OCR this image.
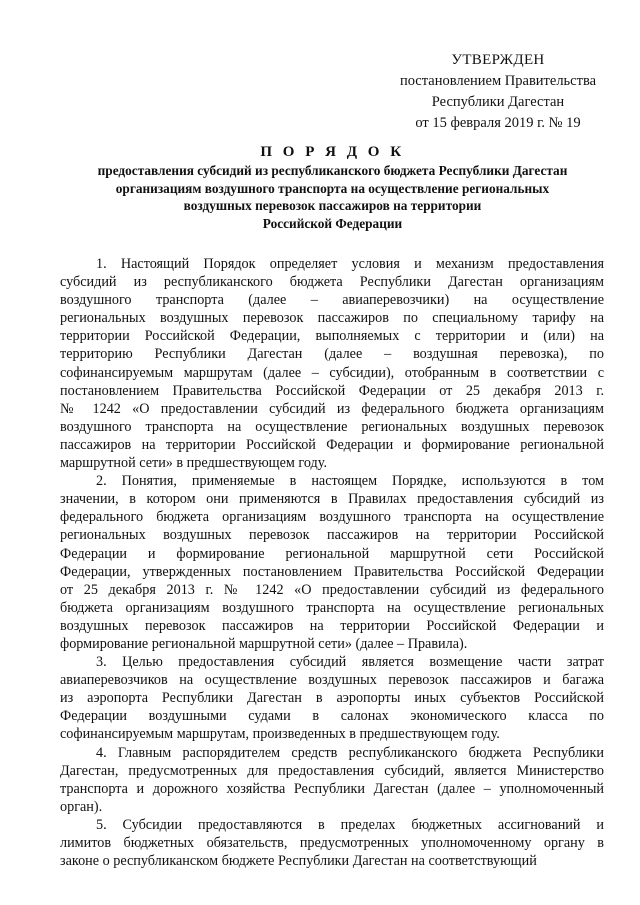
УТВЕРЖДЕН
постановлением Правительства
Республики Дагестан
от 15 февраля 2019 г. № 19
П О Р Я Д О К
предоставления субсидий из республиканского бюджета Республики Дагестан
организациям воздушного транспорта на осуществление региональных
воздушных перевозок пассажиров на территории
Российской Федерации
1. Настоящий Порядок определяет условия и механизм предоставления
субсидий из республиканского бюджета Республики Дагестан организациям
воздушного транспорта (далее – авиаперевозчики) на осуществление
региональных воздушных перевозок пассажиров по специальному тарифу на
территории Российской Федерации, выполняемых с территории и (или) на
территорию Республики Дагестан (далее – воздушная перевозка), по
софинансируемым маршрутам (далее – субсидии), отобранным в соответствии с
постановлением Правительства Российской Федерации от 25 декабря 2013 г.
№ 1242 «О предоставлении субсидий из федерального бюджета организациям
воздушного транспорта на осуществление региональных воздушных перевозок
пассажиров на территории Российской Федерации и формирование региональной
маршрутной сети» в предшествующем году.
2. Понятия, применяемые в настоящем Порядке, используются в том
значении, в котором они применяются в Правилах предоставления субсидий из
федерального бюджета организациям воздушного транспорта на осуществление
региональных воздушных перевозок пассажиров на территории Российской
Федерации и формирование региональной маршрутной сети Российской
Федерации, утвержденных постановлением Правительства Российской Федерации
от 25 декабря 2013 г. № 1242 «О предоставлении субсидий из федерального
бюджета организациям воздушного транспорта на осуществление региональных
воздушных перевозок пассажиров на территории Российской Федерации и
формирование региональной маршрутной сети» (далее – Правила).
3. Целью предоставления субсидий является возмещение части затрат
авиаперевозчиков на осуществление воздушных перевозок пассажиров и багажа
из аэропорта Республики Дагестан в аэропорты иных субъектов Российской
Федерации воздушными судами в салонах экономического класса по
софинансируемым маршрутам, произведенных в предшествующем году.
4. Главным распорядителем средств республиканского бюджета Республики
Дагестан, предусмотренных для предоставления субсидий, является Министерство
транспорта и дорожного хозяйства Республики Дагестан (далее – уполномоченный
орган).
5. Субсидии предоставляются в пределах бюджетных ассигнований и
лимитов бюджетных обязательств, предусмотренных уполномоченному органу в
законе о республиканском бюджете Республики Дагестан на соответствующий
